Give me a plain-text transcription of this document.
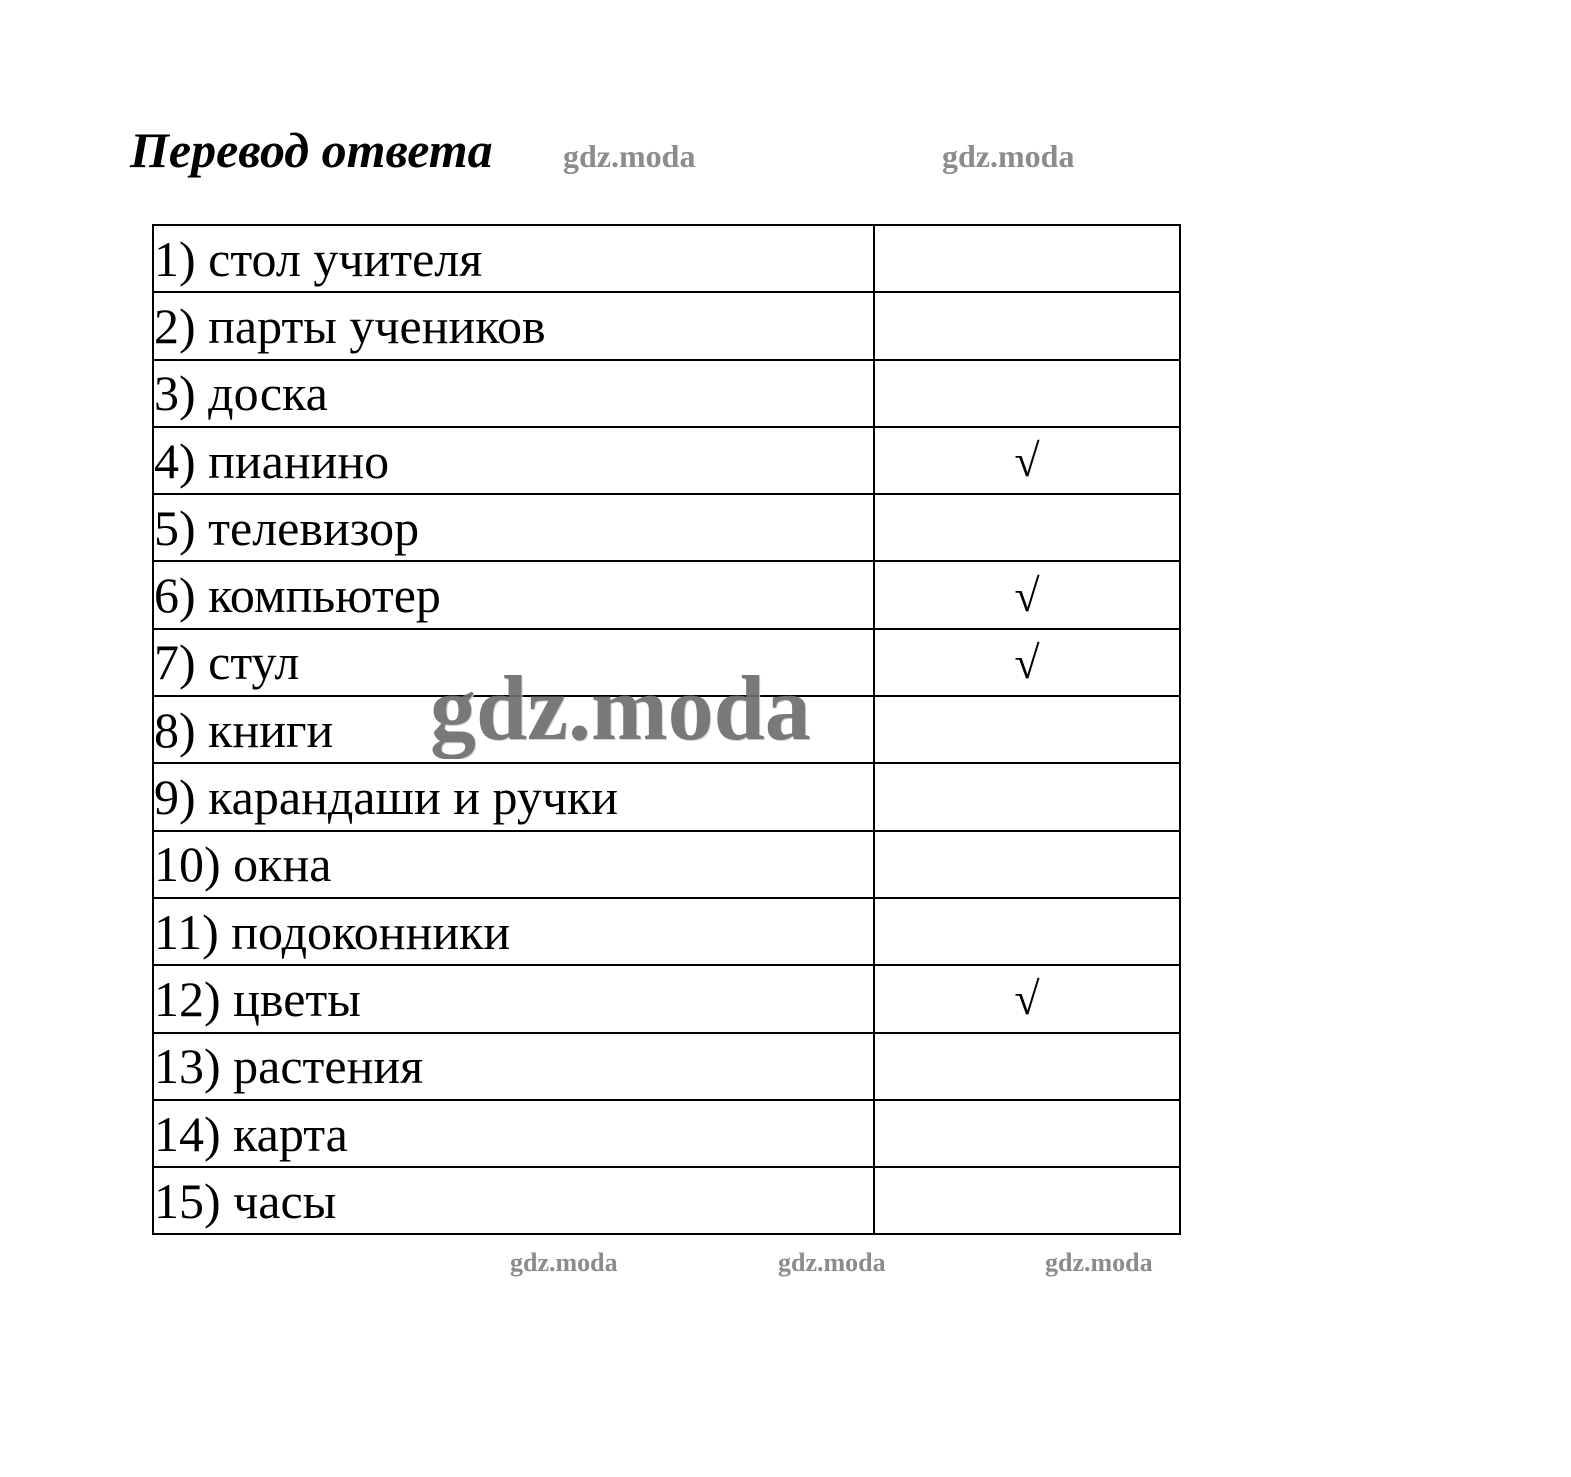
Перевод ответа gdz.moda	gdz.moda
1) стол учителя	
2) парты учеников	
3) доска	
4) пианино	√
5) телевизор	
6) компьютер	√
7) стул	√
8) книги	
9) карандаши и ручки	
10) окна	
11) подоконники	
12) цветы	√
13) растения	
14) карта	
15) часы	
gdz.moda
gdz.moda	gdz.moda	gdz.moda
